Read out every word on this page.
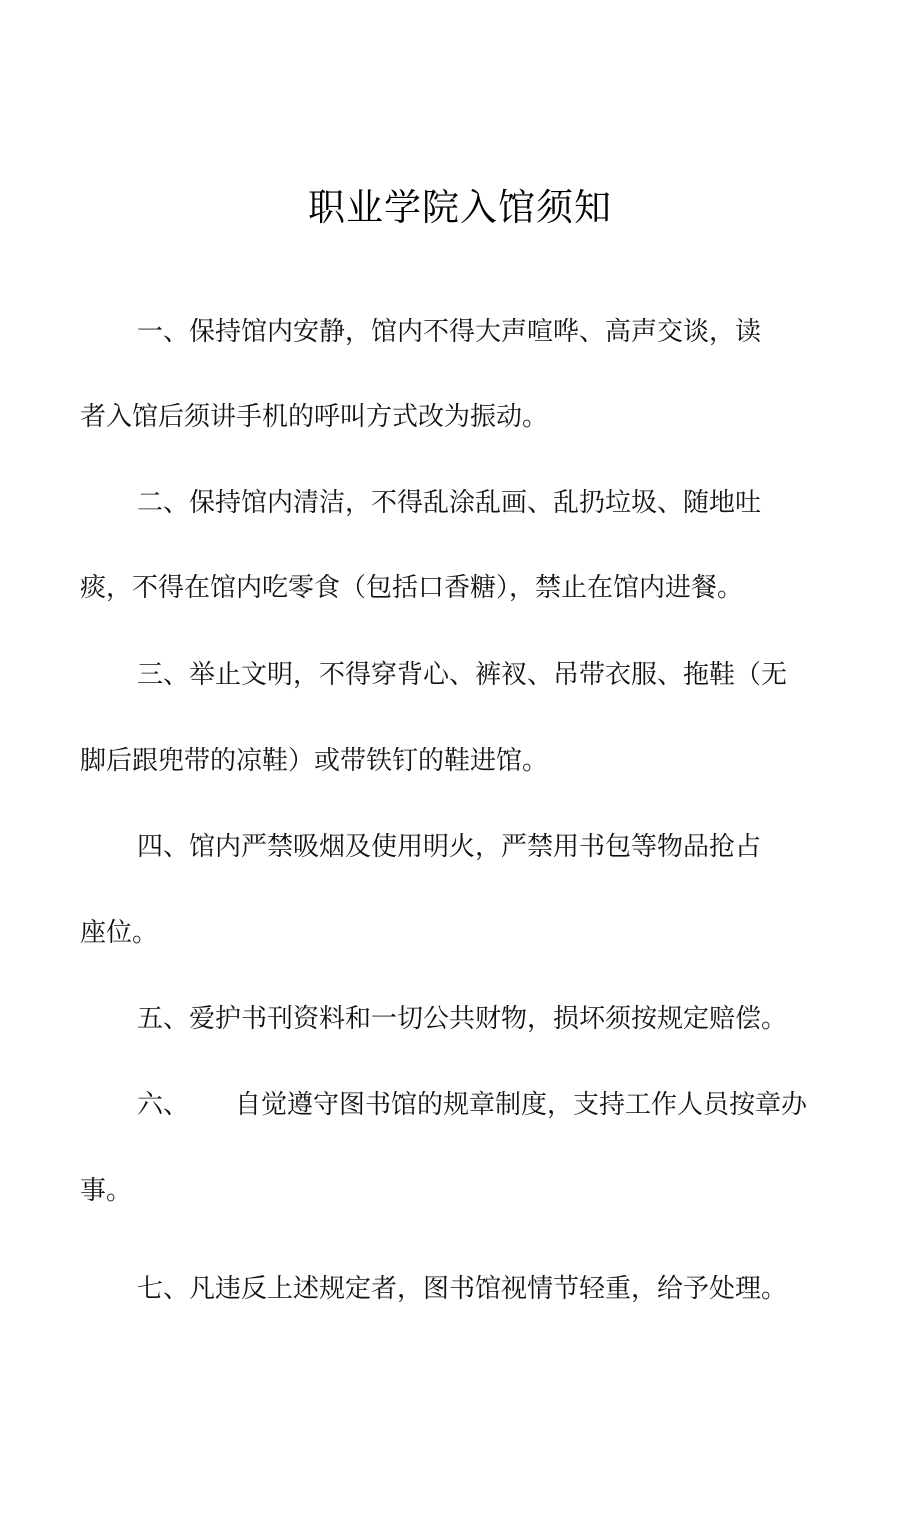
职业学院入馆须知
一、保持馆内安静，馆内不得大声喧哗、高声交谈，读
者入馆后须讲手机的呼叫方式改为振动。
二、保持馆内清洁，不得乱涂乱画、乱扔垃圾、随地吐
痰，不得在馆内吃零食（包括口香糖），禁止在馆内进餐。
三、举止文明，不得穿背心、裤衩、吊带衣服、拖鞋（无
脚后跟兜带的凉鞋）或带铁钉的鞋进馆。
四、馆内严禁吸烟及使用明火，严禁用书包等物品抢占
座位。
五、爱护书刊资料和一切公共财物，损坏须按规定赔偿。
六、 自觉遵守图书馆的规章制度，支持工作人员按章办
事。
七、凡违反上述规定者，图书馆视情节轻重，给予处理。
